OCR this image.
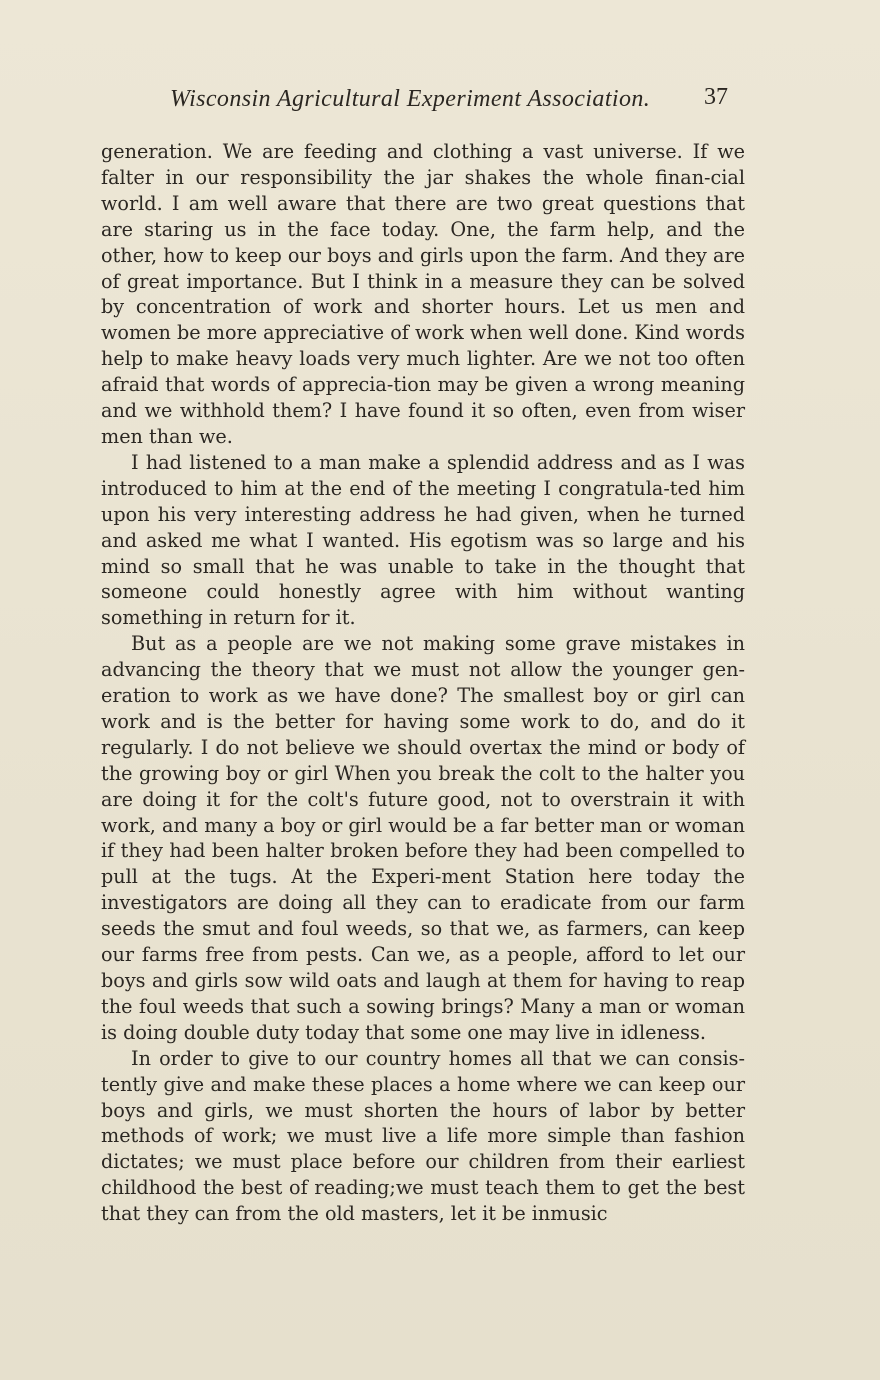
Wisconsin Agricultural Experiment Association. 37

generation. We are feeding and clothing a vast universe. If we falter in our responsibility the jar shakes the whole finan-cial world. I am well aware that there are two great questions that are staring us in the face today. One, the farm help, and the other, how to keep our boys and girls upon the farm. And they are of great importance. But I think in a measure they can be solved by concentration of work and shorter hours. Let us men and women be more appreciative of work when well done. Kind words help to make heavy loads very much lighter. Are we not too often afraid that words of apprecia-tion may be given a wrong meaning and we withhold them? I have found it so often, even from wiser men than we.

I had listened to a man make a splendid address and as I was introduced to him at the end of the meeting I congratula-ted him upon his very interesting address he had given, when he turned and asked me what I wanted. His egotism was so large and his mind so small that he was unable to take in the thought that someone could honestly agree with him without wanting something in return for it.

But as a people are we not making some grave mistakes in advancing the theory that we must not allow the younger gen-eration to work as we have done? The smallest boy or girl can work and is the better for having some work to do, and do it regularly. I do not believe we should overtax the mind or body of the growing boy or girl When you break the colt to the halter you are doing it for the colt's future good, not to overstrain it with work, and many a boy or girl would be a far better man or woman if they had been halter broken before they had been compelled to pull at the tugs. At the Experi-ment Station here today the investigators are doing all they can to eradicate from our farm seeds the smut and foul weeds, so that we, as farmers, can keep our farms free from pests. Can we, as a people, afford to let our boys and girls sow wild oats and laugh at them for having to reap the foul weeds that such a sowing brings? Many a man or woman is doing double duty today that some one may live in idleness.

In order to give to our country homes all that we can consis-tently give and make these places a home where we can keep our boys and girls, we must shorten the hours of labor by better methods of work; we must live a life more simple than fashion dictates; we must place before our children from their earliest childhood the best of reading;we must teach them to get the best that they can from the old masters, let it be inmusic
